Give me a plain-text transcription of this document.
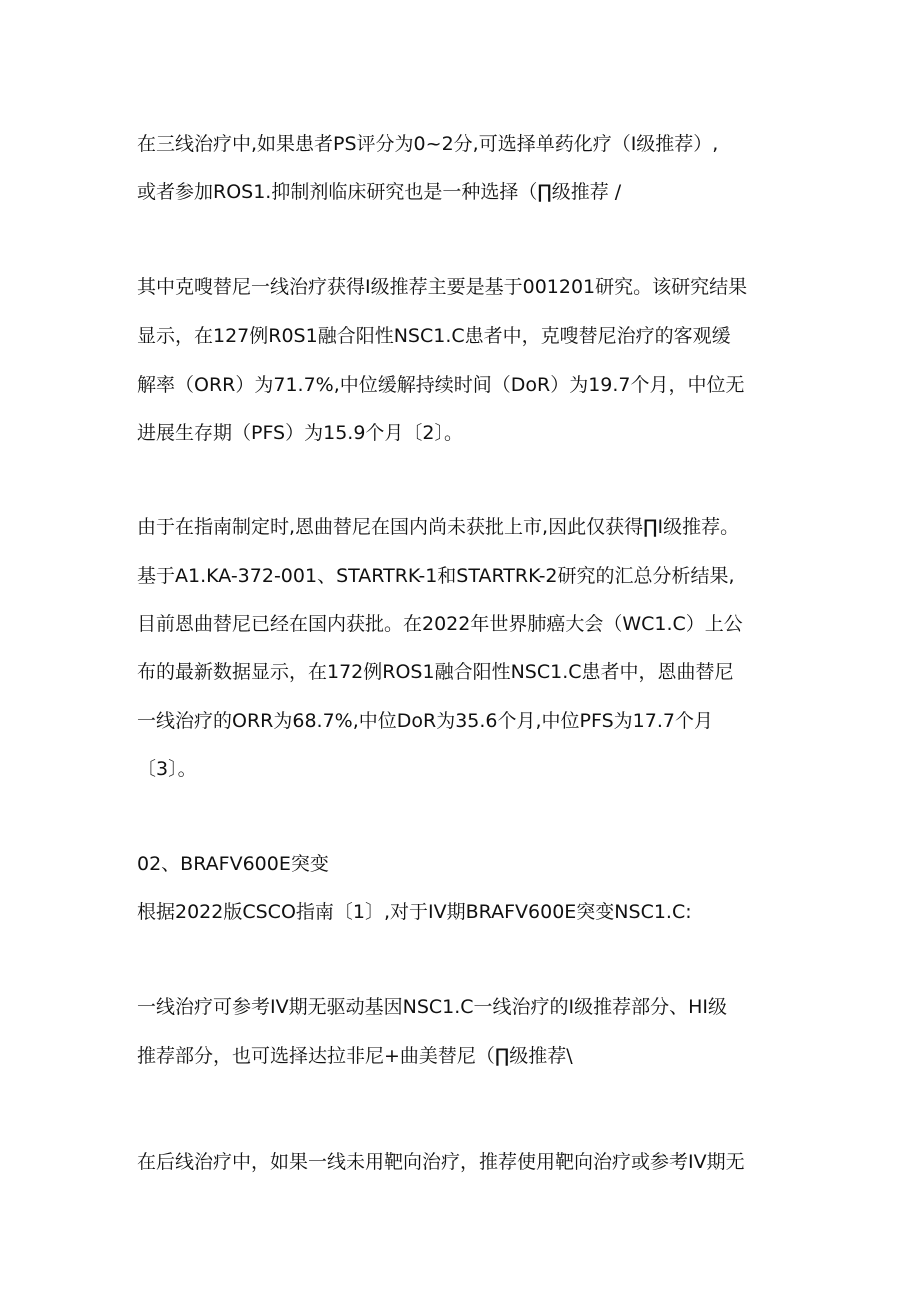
在三线治疗中,如果患者PS评分为0~2分,可选择单药化疗（I级推荐）,
或者参加ROS1.抑制剂临床研究也是一种选择（∏级推荐 /
其中克嗖替尼一线治疗获得I级推荐主要是基于001201研究。该研究结果
显示，在127例R0S1融合阳性NSC1.C患者中，克嗖替尼治疗的客观缓
解率（ORR）为71.7%,中位缓解持续时间（DoR）为19.7个月，中位无
进展生存期（PFS）为15.9个月〔2〕。
由于在指南制定时,恩曲替尼在国内尚未获批上市,因此仅获得∏I级推荐。
基于A1.KA-372-001、STARTRK-1和STARTRK-2研究的汇总分析结果,
目前恩曲替尼已经在国内获批。在2022年世界肺癌大会（WC1.C）上公
布的最新数据显示，在172例ROS1融合阳性NSC1.C患者中，恩曲替尼
一线治疗的ORR为68.7%,中位DoR为35.6个月,中位PFS为17.7个月
〔3〕。
02、BRAFV600E突变
根据2022版CSCO指南〔1〕,对于IV期BRAFV600E突变NSC1.C:
一线治疗可参考IV期无驱动基因NSC1.C一线治疗的I级推荐部分、HI级
推荐部分，也可选择达拉非尼+曲美替尼（∏级推荐\
在后线治疗中，如果一线未用靶向治疗，推荐使用靶向治疗或参考IV期无
